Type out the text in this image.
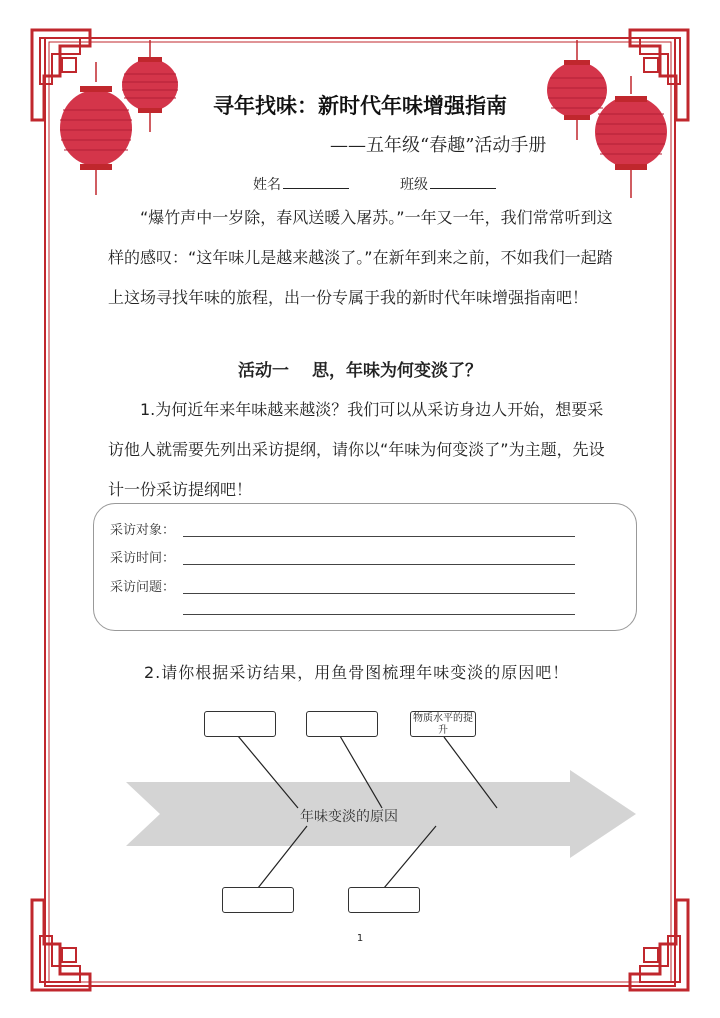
寻年找味：新时代年味增强指南
——五年级“春趣”活动手册
姓名	班级
“爆竹声中一岁除，春风送暖入屠苏。”一年又一年，我们常常听到这样的感叹：“这年味儿是越来越淡了。”在新年到来之前，不如我们一起踏上这场寻找年味的旅程，出一份专属于我的新时代年味增强指南吧！
活动一　 思，年味为何变淡了？
1.为何近年来年味越来越淡？我们可以从采访身边人开始，想要采访他人就需要先列出采访提纲，请你以“年味为何变淡了”为主题，先设计一份采访提纲吧！
采访对象：
采访时间：
采访问题：
2.请你根据采访结果，用鱼骨图梳理年味变淡的原因吧！
物质水平的提升
年味变淡的原因
1
